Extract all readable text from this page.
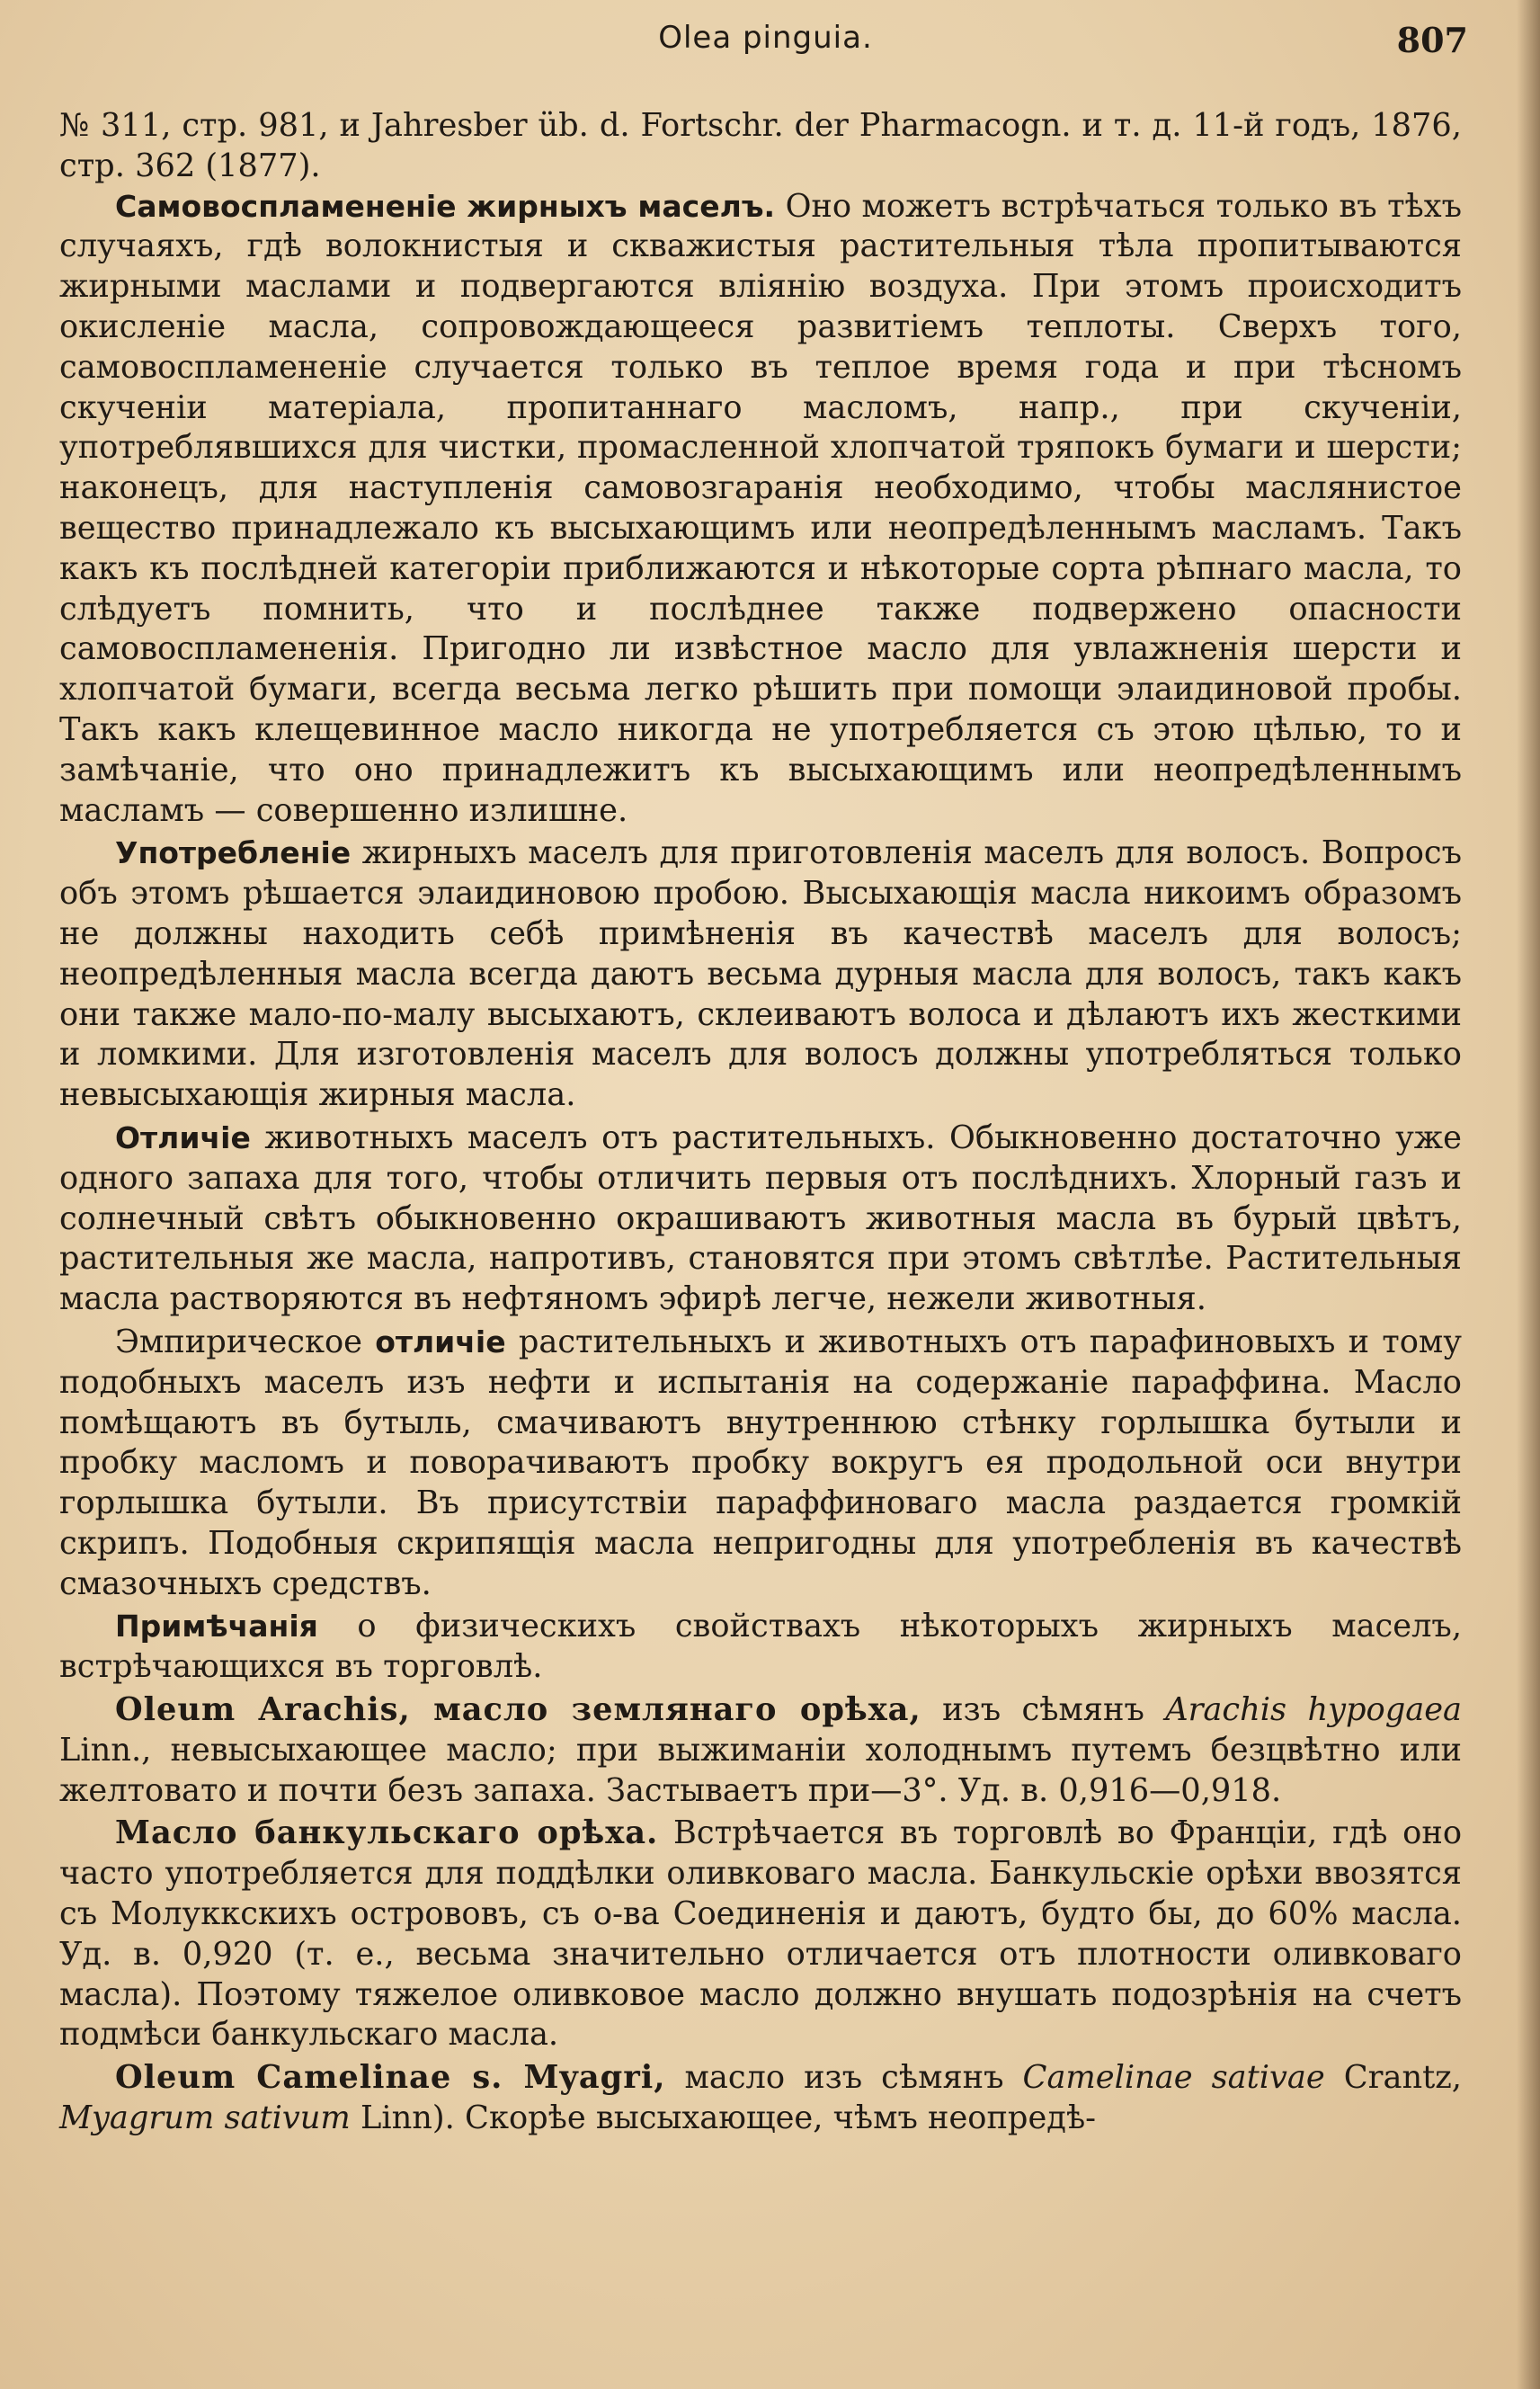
Olea pinguia.	807

№ 311, стр. 981, и Jahresber üb. d. Fortschr. der Pharmacogn. и т. д. 11-й годъ, 1876, стр. 362 (1877).

Самовоспламененіе жирныхъ маселъ. Оно можетъ встрѣчаться только въ тѣхъ случаяхъ, гдѣ волокнистыя и скважистыя растительныя тѣла пропитываются жирными маслами и подвергаются вліянію воздуха. При этомъ происходитъ окисленіе масла, сопровождающееся развитіемъ теплоты. Сверхъ того, самовоспламененіе случается только въ теплое время года и при тѣсномъ скученіи матеріала, пропитаннаго масломъ, напр., при скученіи, употреблявшихся для чистки, промасленной хлопчатой тряпокъ бумаги и шерсти; наконецъ, для наступленія самовозгаранія необходимо, чтобы маслянистое вещество принадлежало къ высыхающимъ или неопредѣленнымъ масламъ. Такъ какъ къ послѣдней категоріи приближаются и нѣкоторые сорта рѣпнаго масла, то слѣдуетъ помнить, что и послѣднее также подвержено опасности самовоспламененія. Пригодно ли извѣстное масло для увлажненія шерсти и хлопчатой бумаги, всегда весьма легко рѣшить при помощи элаидиновой пробы. Такъ какъ клещевинное масло никогда не употребляется съ этою цѣлью, то и замѣчаніе, что оно принадлежитъ къ высыхающимъ или неопредѣленнымъ масламъ — совершенно излишне.

Употребленіе жирныхъ маселъ для приготовленія маселъ для волосъ. Вопросъ объ этомъ рѣшается элаидиновою пробою. Высыхающія масла никоимъ образомъ не должны находить себѣ примѣненія въ качествѣ маселъ для волосъ; неопредѣленныя масла всегда даютъ весьма дурныя масла для волосъ, такъ какъ они также мало-по-малу высыхаютъ, склеиваютъ волоса и дѣлаютъ ихъ жесткими и ломкими. Для изготовленія маселъ для волосъ должны употребляться только невысыхающія жирныя масла.

Отличіе животныхъ маселъ отъ растительныхъ. Обыкновенно достаточно уже одного запаха для того, чтобы отличить первыя отъ послѣднихъ. Хлорный газъ и солнечный свѣтъ обыкновенно окрашиваютъ животныя масла въ бурый цвѣтъ, растительныя же масла, напротивъ, становятся при этомъ свѣтлѣе. Растительныя масла растворяются въ нефтяномъ эфирѣ легче, нежели животныя.

Эмпирическое отличіе растительныхъ и животныхъ отъ парафиновыхъ и тому подобныхъ маселъ изъ нефти и испытанія на содержаніе параффина. Масло помѣщаютъ въ бутыль, смачиваютъ внутреннюю стѣнку горлышка бутыли и пробку масломъ и поворачиваютъ пробку вокругъ ея продольной оси внутри горлышка бутыли. Въ присутствіи параффиноваго масла раздается громкій скрипъ. Подобныя скрипящія масла непригодны для употребленія въ качествѣ смазочныхъ средствъ.

Примѣчанія о физическихъ свойствахъ нѣкоторыхъ жирныхъ маселъ, встрѣчающихся въ торговлѣ.

Oleum Arachis, масло землянаго орѣха, изъ сѣмянъ Arachis hypogaea Linn., невысыхающее масло; при выжиманіи холоднымъ путемъ безцвѣтно или желтовато и почти безъ запаха. Застываетъ при—3°. Уд. в. 0,916—0,918.

Масло банкульскаго орѣха. Встрѣчается въ торговлѣ во Франціи, гдѣ оно часто употребляется для поддѣлки оливковаго масла. Банкульскіе орѣхи ввозятся съ Молуккскихъ острововъ, съ о-ва Соединенія и даютъ, будто бы, до 60% масла. Уд. в. 0,920 (т. е., весьма значительно отличается отъ плотности оливковаго масла). Поэтому тяжелое оливковое масло должно внушать подозрѣнія на счетъ подмѣси банкульскаго масла.

Oleum Camelinae s. Myagri, масло изъ сѣмянъ Camelinae sativae Crantz, Myagrum sativum Linn). Скорѣе высыхающее, чѣмъ неопредѣ-
